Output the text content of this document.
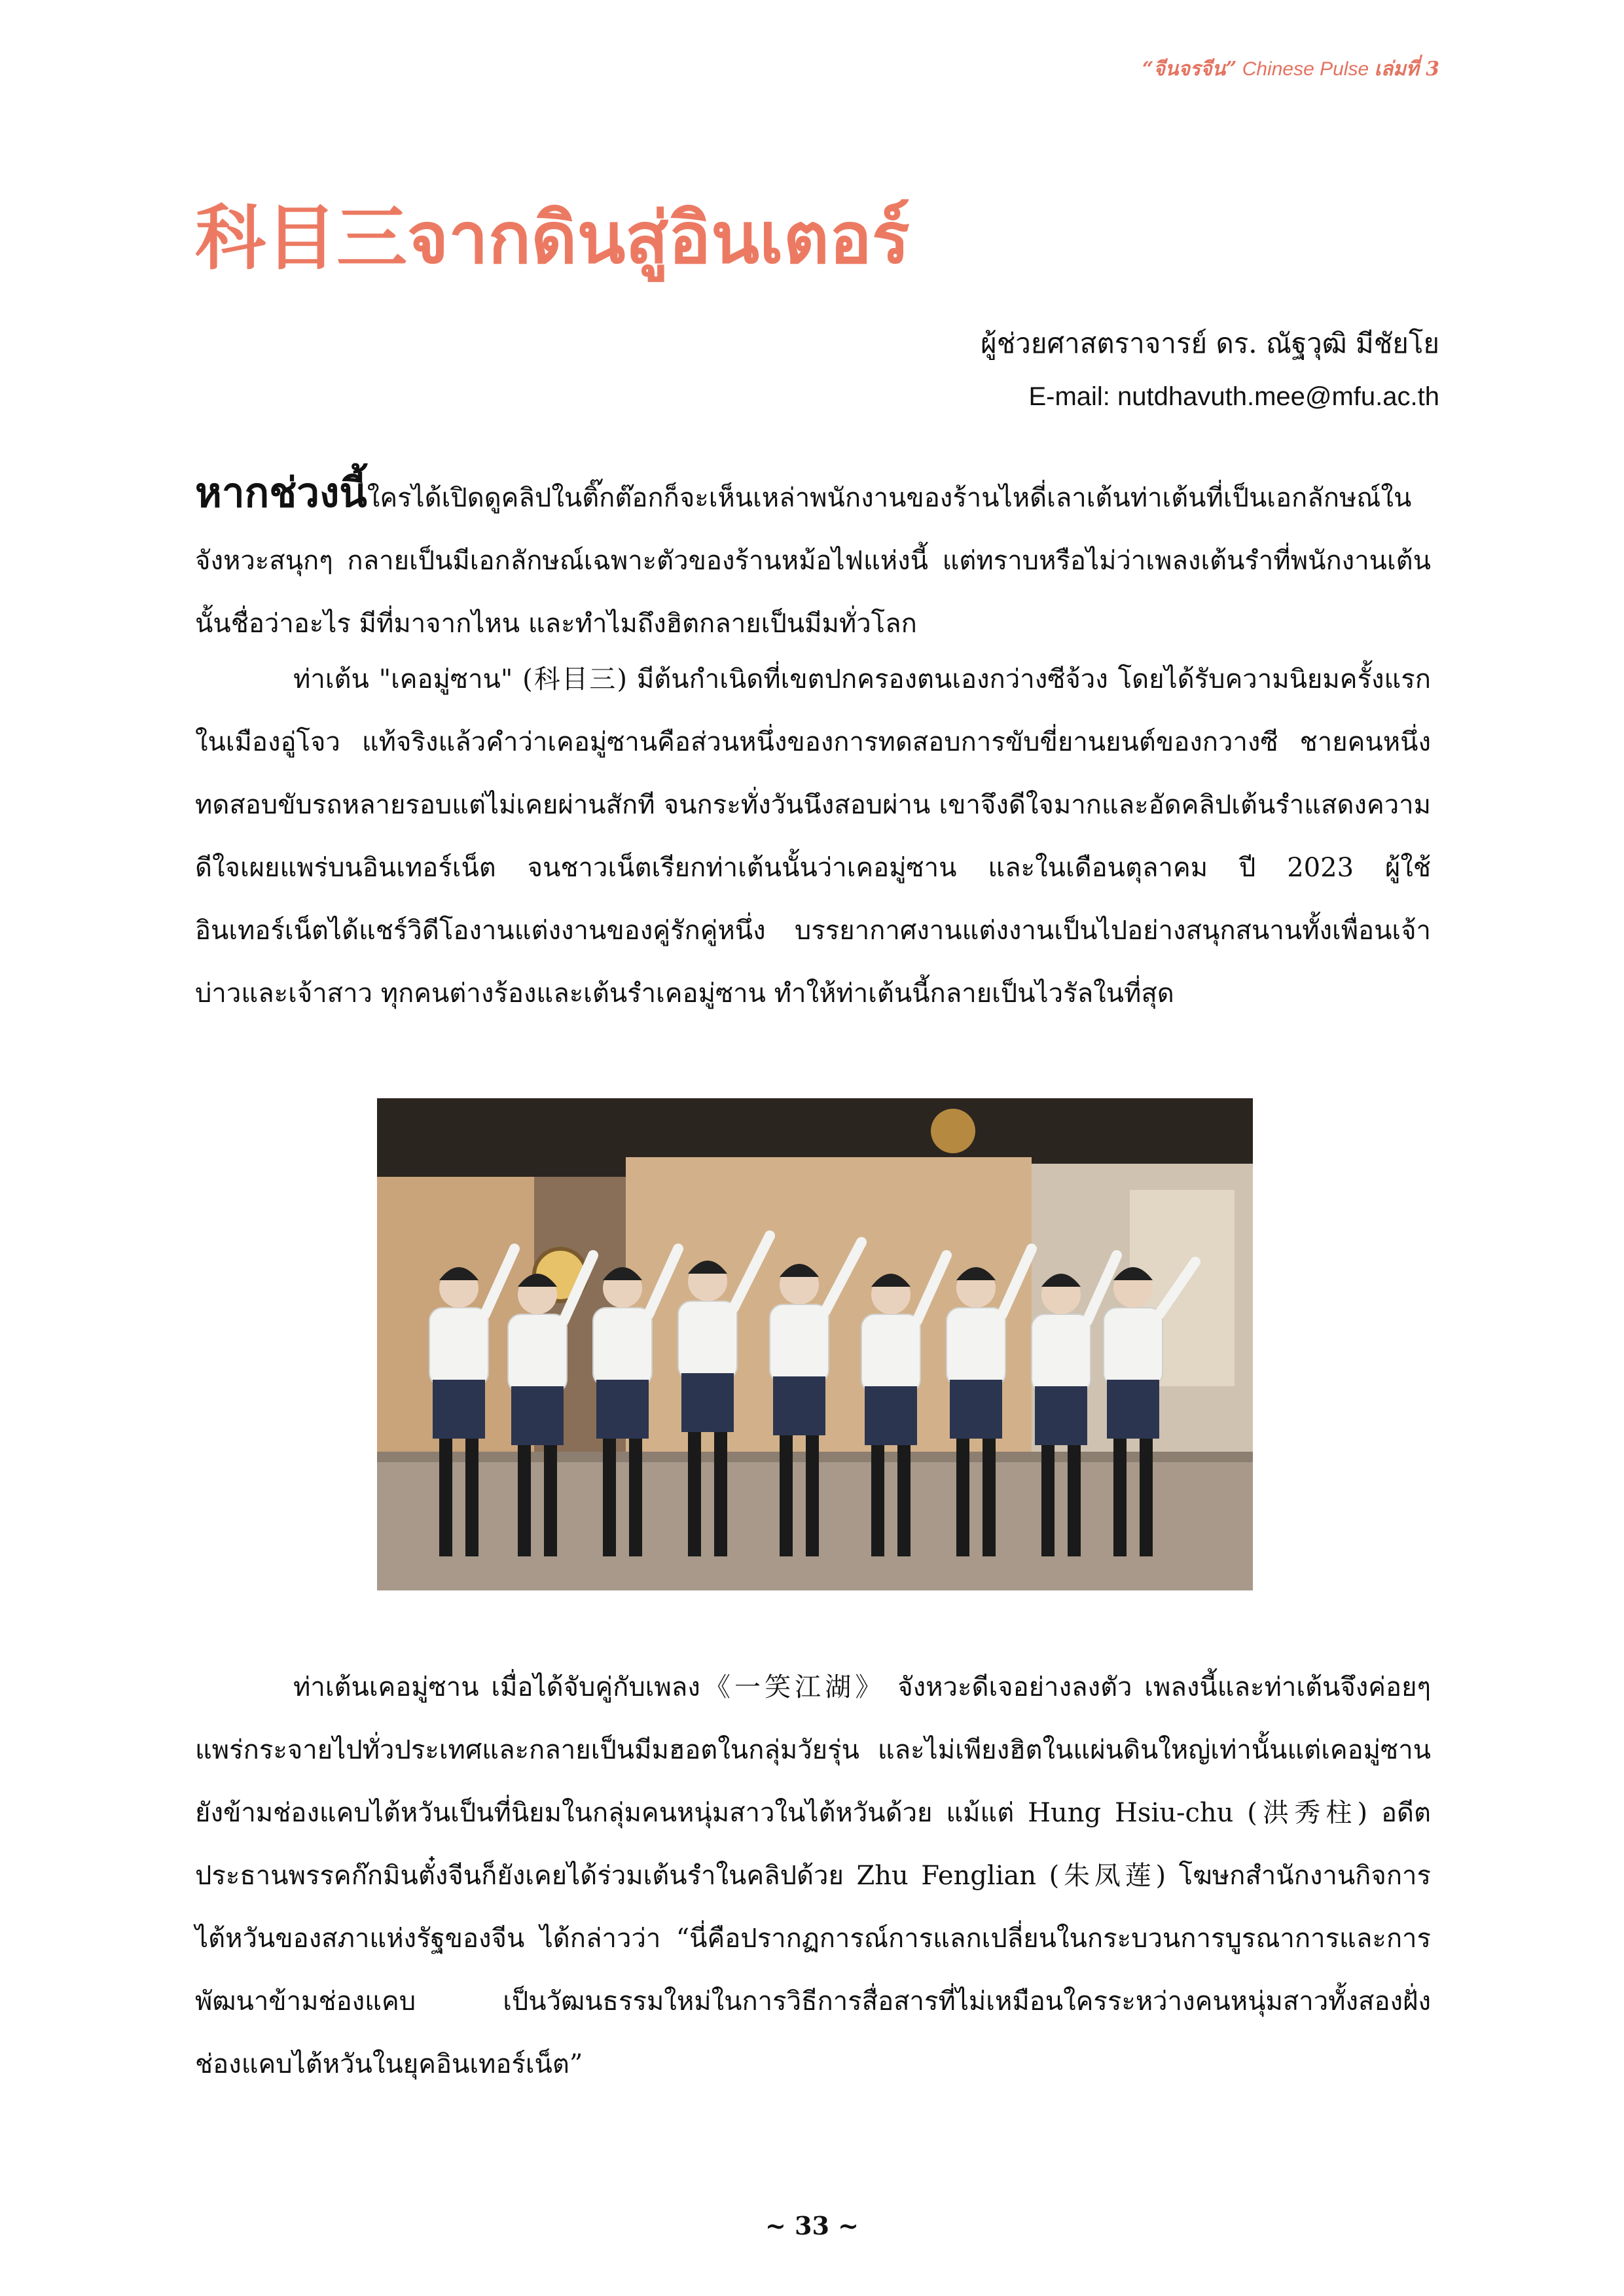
“จีนจรจีน” Chinese Pulse เล่มที่ 3
科目三จากดินสู่อินเตอร์
ผู้ช่วยศาสตราจารย์ ดร. ณัฐวุฒิ มีชัยโย
E-mail: nutdhavuth.mee@mfu.ac.th

หากช่วงนี้ใครได้เปิดดูคลิปในติ๊กต๊อกก็จะเห็นเหล่าพนักงานของร้านไหดี่เลาเต้นท่าเต้นที่เป็นเอกลักษณ์ในจังหวะสนุกๆ กลายเป็นมีเอกลักษณ์เฉพาะตัวของร้านหม้อไฟแห่งนี้ แต่ทราบหรือไม่ว่าเพลงเต้นรำที่พนักงานเต้นนั้นชื่อว่าอะไร มีที่มาจากไหน และทำไมถึงฮิตกลายเป็นมีมทั่วโลก

ท่าเต้น "เคอมู่ซาน" (科目三) มีต้นกำเนิดที่เขตปกครองตนเองกว่างซีจ้วง โดยได้รับความนิยมครั้งแรกในเมืองอู่โจว แท้จริงแล้วคำว่าเคอมู่ซานคือส่วนหนึ่งของการทดสอบการขับขี่ยานยนต์ของกวางซี ชายคนหนึ่งทดสอบขับรถหลายรอบแต่ไม่เคยผ่านสักที จนกระทั่งวันนึงสอบผ่าน เขาจึงดีใจมากและอัดคลิปเต้นรำแสดงความดีใจเผยแพร่บนอินเทอร์เน็ต จนชาวเน็ตเรียกท่าเต้นนั้นว่าเคอมู่ซาน และในเดือนตุลาคม ปี 2023 ผู้ใช้อินเทอร์เน็ตได้แชร์วิดีโองานแต่งงานของคู่รักคู่หนึ่ง บรรยากาศงานแต่งงานเป็นไปอย่างสนุกสนานทั้งเพื่อนเจ้าบ่าวและเจ้าสาว ทุกคนต่างร้องและเต้นรำเคอมู่ซาน ทำให้ท่าเต้นนี้กลายเป็นไวรัลในที่สุด

ท่าเต้นเคอมู่ซาน เมื่อได้จับคู่กับเพลง《一笑江湖》 จังหวะดีเจอย่างลงตัว เพลงนี้และท่าเต้นจึงค่อยๆ แพร่กระจายไปทั่วประเทศและกลายเป็นมีมฮอตในกลุ่มวัยรุ่น และไม่เพียงฮิตในแผ่นดินใหญ่เท่านั้นแต่เคอมู่ซานยังข้ามช่องแคบไต้หวันเป็นที่นิยมในกลุ่มคนหนุ่มสาวในไต้หวันด้วย แม้แต่ Hung Hsiu-chu (洪秀柱) อดีตประธานพรรคก๊กมินตั๋งจีนก็ยังเคยได้ร่วมเต้นรำในคลิปด้วย Zhu Fenglian (朱凤莲) โฆษกสำนักงานกิจการไต้หวันของสภาแห่งรัฐของจีน ได้กล่าวว่า “นี่คือปรากฏการณ์การแลกเปลี่ยนในกระบวนการบูรณาการและการพัฒนาข้ามช่องแคบ เป็นวัฒนธรรมใหม่ในการวิธีการสื่อสารที่ไม่เหมือนใครระหว่างคนหนุ่มสาวทั้งสองฝั่งช่องแคบไต้หวันในยุคอินเทอร์เน็ต”

~ 33 ~
